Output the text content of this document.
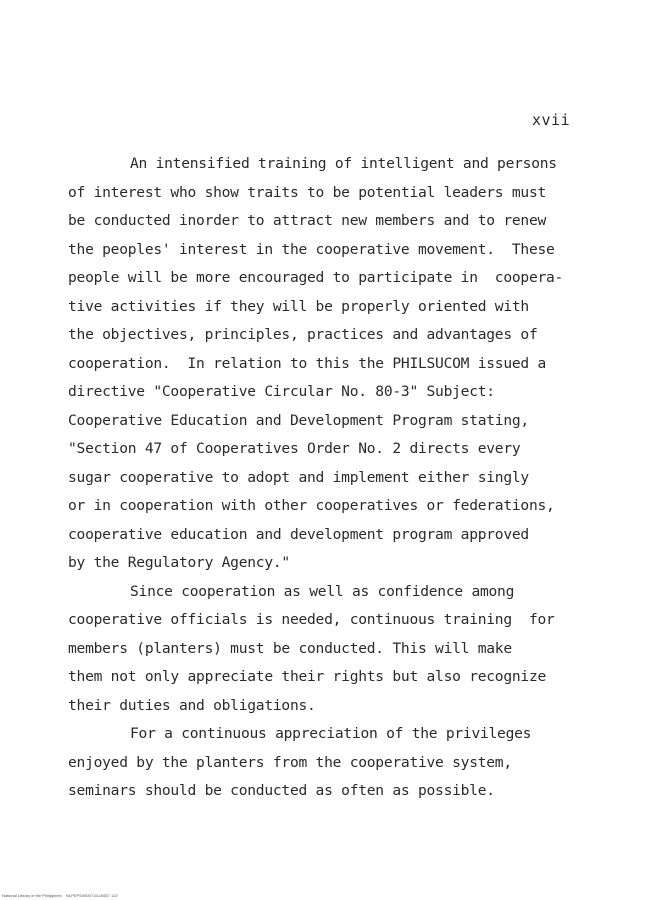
xvii
An intensified training of intelligent and persons
of interest who show traits to be potential leaders must
be conducted inorder to attract new members and to renew
the peoples' interest in the cooperative movement.  These
people will be more encouraged to participate in  coopera-
tive activities if they will be properly oriented with
the objectives, principles, practices and advantages of
cooperation.  In relation to this the PHILSUCOM issued a
directive "Cooperative Circular No. 80-3" Subject:
Cooperative Education and Development Program stating,
"Section 47 of Cooperatives Order No. 2 directs every
sugar cooperative to adopt and implement either singly
or in cooperation with other cooperatives or federations,
cooperative education and development program approved
by the Regulatory Agency."
Since cooperation as well as confidence among
cooperative officials is needed, continuous training  for
members (planters) must be conducted. This will make
them not only appreciate their rights but also recognize
their duties and obligations.
For a continuous appreciation of the privileges
enjoyed by the planters from the cooperative system,
seminars should be conducted as often as possible.
National Library of the Philippines NLPEPS0000711116557 122
